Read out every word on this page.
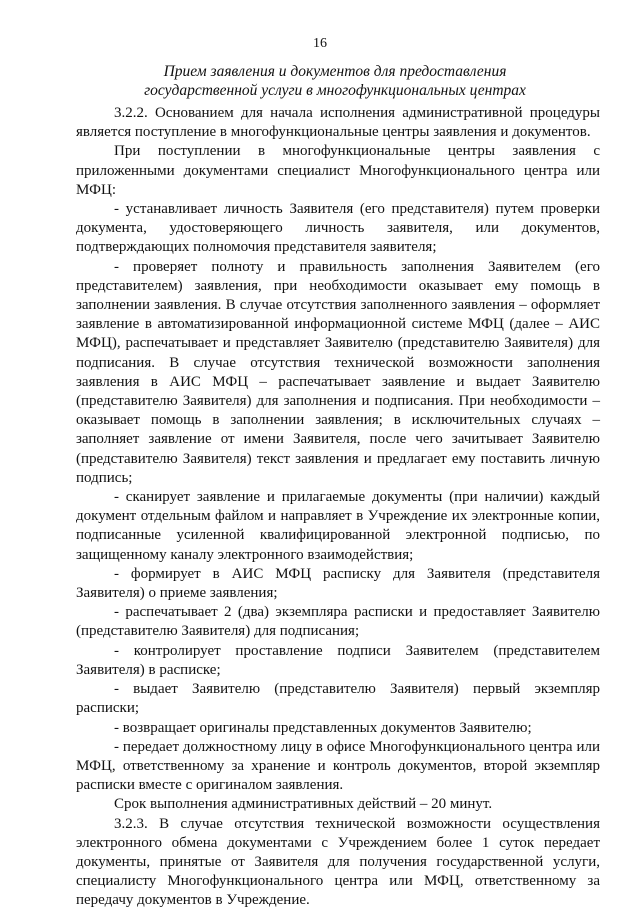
16
Прием заявления и документов для предоставления
государственной услуги в многофункциональных центрах

3.2.2. Основанием для начала исполнения административной процедуры является поступление в многофункциональные центры заявления и документов.

При поступлении в многофункциональные центры заявления с приложенными документами специалист Многофункционального центра или МФЦ:

- устанавливает личность Заявителя (его представителя) путем проверки документа, удостоверяющего личность заявителя, или документов, подтверждающих полномочия представителя заявителя;

- проверяет полноту и правильность заполнения Заявителем (его представителем) заявления, при необходимости оказывает ему помощь в заполнении заявления. В случае отсутствия заполненного заявления – оформляет заявление в автоматизированной информационной системе МФЦ (далее – АИС МФЦ), распечатывает и представляет Заявителю (представителю Заявителя) для подписания. В случае отсутствия технической возможности заполнения заявления в АИС МФЦ – распечатывает заявление и выдает Заявителю (представителю Заявителя) для заполнения и подписания. При необходимости – оказывает помощь в заполнении заявления; в исключительных случаях – заполняет заявление от имени Заявителя, после чего зачитывает Заявителю (представителю Заявителя) текст заявления и предлагает ему поставить личную подпись;

- сканирует заявление и прилагаемые документы (при наличии) каждый документ отдельным файлом и направляет в Учреждение их электронные копии, подписанные усиленной квалифицированной электронной подписью, по защищенному каналу электронного взаимодействия;

- формирует в АИС МФЦ расписку для Заявителя (представителя Заявителя) о приеме заявления;

- распечатывает 2 (два) экземпляра расписки и предоставляет Заявителю (представителю Заявителя) для подписания;

- контролирует проставление подписи Заявителем (представителем Заявителя) в расписке;

- выдает Заявителю (представителю Заявителя) первый экземпляр расписки;

- возвращает оригиналы представленных документов Заявителю;

- передает должностному лицу в офисе Многофункционального центра или МФЦ, ответственному за хранение и контроль документов, второй экземпляр расписки вместе с оригиналом заявления.

Срок выполнения административных действий – 20 минут.

3.2.3. В случае отсутствия технической возможности осуществления электронного обмена документами с Учреждением более 1 суток передает документы, принятые от Заявителя для получения государственной услуги, специалисту Многофункционального центра или МФЦ, ответственному за передачу документов в Учреждение.
